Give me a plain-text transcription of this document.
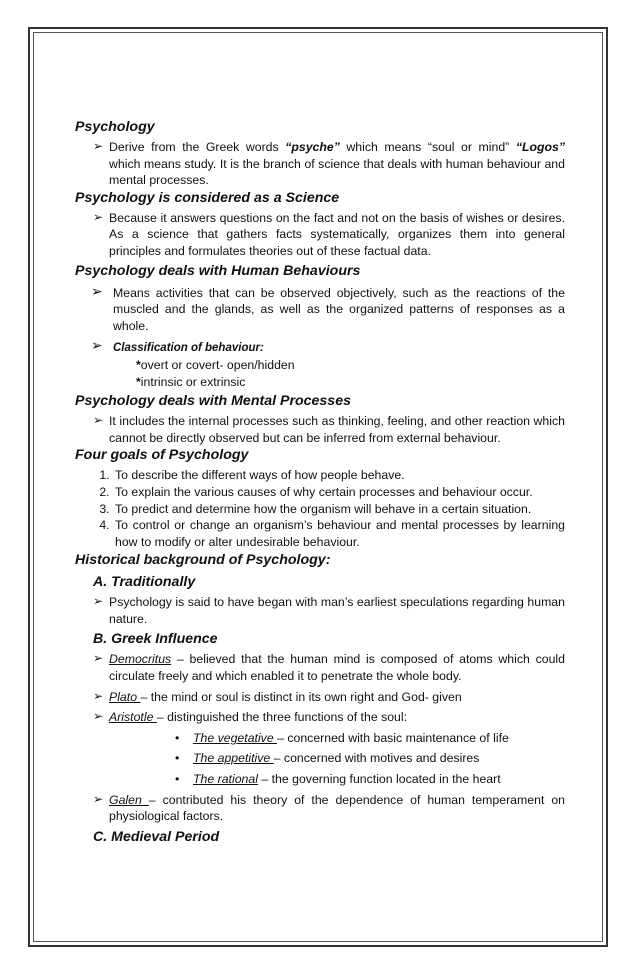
Psychology

➢ Derive from the Greek words “psyche” which means “soul or mind” “Logos” which means study. It is the branch of science that deals with human behaviour and mental processes.

Psychology is considered as a Science

➢ Because it answers questions on the fact and not on the basis of wishes or desires. As a science that gathers facts systematically, organizes them into general principles and formulates theories out of these factual data.

Psychology deals with Human Behaviours

➢ Means activities that can be observed objectively, such as the reactions of the muscled and the glands, as well as the organized patterns of responses as a whole.

➢ Classification of behaviour:

*overt or covert- open/hidden

*intrinsic or extrinsic

Psychology deals with Mental Processes

➢ It includes the internal processes such as thinking, feeling, and other reaction which cannot be directly observed but can be inferred from external behaviour.

Four goals of Psychology

1. To describe the different ways of how people behave.
2. To explain the various causes of why certain processes and behaviour occur.
3. To predict and determine how the organism will behave in a certain situation.
4. To control or change an organism’s behaviour and mental processes by learning how to modify or alter undesirable behaviour.

Historical background of Psychology:

A. Traditionally

➢ Psychology is said to have began with man’s earliest speculations regarding human nature.

B. Greek Influence

➢ Democritus – believed that the human mind is composed of atoms which could circulate freely and which enabled it to penetrate the whole body.

➢ Plato – the mind or soul is distinct in its own right and God- given

➢ Aristotle – distinguished the three functions of the soul:

• The vegetative – concerned with basic maintenance of life

• The appetitive – concerned with motives and desires

• The rational – the governing function located in the heart

➢ Galen – contributed his theory of the dependence of human temperament on physiological factors.

C. Medieval Period
